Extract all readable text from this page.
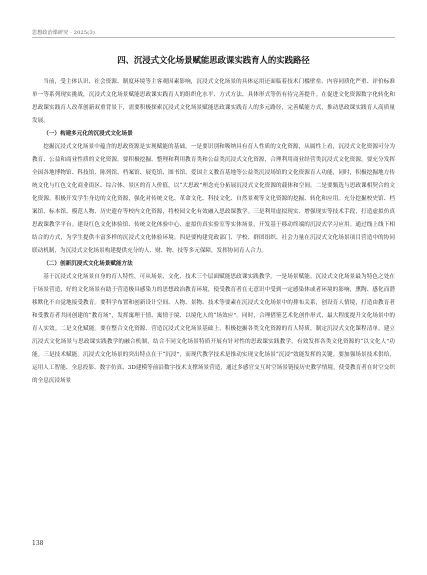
思想政治课研究 · 2025(3)
四、沉浸式文化场景赋能思政课实践育人的实践路径

当前，受主体认识、社会资源、制度环境等主客观因素影响，沉浸式文化场景的具体运用还面临着技术门槛壁垒、内容同质化严重、评价标准单一等系列现实挑战，沉浸式文化场景赋能思政课实践育人的组织化水平、方式方法、具体形式等仍有待完善提升。在促进文化资源数字化转化和思政课实践育人改革创新双重背景下，需要积极探索沉浸式文化场景赋能思政课实践育人的多元路径，完善赋能方式，推动思政课实践育人高质量发展。

（一）构建多元化的沉浸式文化场景

挖掘沉浸式文化场景中蕴含的思政资源是实现赋能的基础。一是要识别和吸纳具有育人性质的文化资源，从属性上看，沉浸式文化资源可分为教育、公益和商业性质的文化资源。要积极挖掘、整理和利用教育类和公益类沉浸式文化资源，合理利用商业经营类沉浸式文化资源。要充分发挥全国各地博物馆、科技馆、陈列馆、档案馆、展览馆、图书馆、爱国主义教育基地等公益类沉浸场馆的文化资源育人功能，同时，积极挖掘地方传统文化与红色文化商业街区、综合体、景区的育人价值，以“大思政”理念充分拓展沉浸式文化资源的载体和空间。二是要甄选与思政课相契合的文化资源。积极开发学生身边的文化资源，强化对传统文化、革命文化、科技文化、自然景观等文化资源的挖掘、转化和应用。充分挖掘校史馆、档案馆、标本馆、模范人物、历史遗存等校内文化资源，将校园文化有效融入思政课教学。三是利用虚拟现实、增强现实等技术手段，打造虚拟仿真思政课教学平台。建设红色文化体验馆、传统文化体验中心、虚拟仿真实验室等实体场景，开发基于移动终端的沉浸式学习应用。通过线上线下相结合的方式，为学生提供丰富多样的沉浸式文化体验环境。四是要构建党政部门、学校、群团组织、社会力量在沉浸式文化场景项目营造中的协同联动机制，为沉浸式文化场景构建提供充分的人、财、物、技等多元保障，发挥协同育人合力。

（二）创新沉浸式文化场景赋能方法

基于沉浸式文化场景自身的育人特性，可从场景、文化、技术三个层面赋能思政课实践教学。一是场景赋能。沉浸式文化场景最为特色之处在于场景营造，好的文化场景有助于营造极具感染力的思想政治教育环境，使受教育者在无意识中受到一定感染体或者环境的影响，熏陶、感化而潜移默化不自觉地接受教育。要科学布置和创新设计空间、人物、景物、技术等要素在沉浸式文化场景中的排布关系，创设育人情境，打造由教育者和受教育者共同创建的“教育场”，发挥寓理于情、寓情于境、以境化人的“场效应”。同时，合理借鉴艺术化创作形式，最大程度提升文化场景中的育人实效。二是文化赋能。要在整合文化资源、营造沉浸式文化场景基础上，积极挖掘各类文化资源的育人特质，制定沉浸式文化课程清单。建立沉浸式文化场景与思政课实践教学的融合机制，结合不同文化场景特质开展有针对性的思政课实践教学，有效发挥各类文化资源的“以文化人”功能。三是技术赋能。沉浸式文化场景的突出特点在于“沉浸”，而现代教学技术是推动实现文化场景“沉浸”效能发挥的关键。要加强场景技术供给，运用人工智能、全息投影、数字仿真、3D建模等前沿数字技术支撑场景营造，通过多感官交互时空场景链接历史教学情境，使受教育者在时空交织的全息沉浸场景

138
